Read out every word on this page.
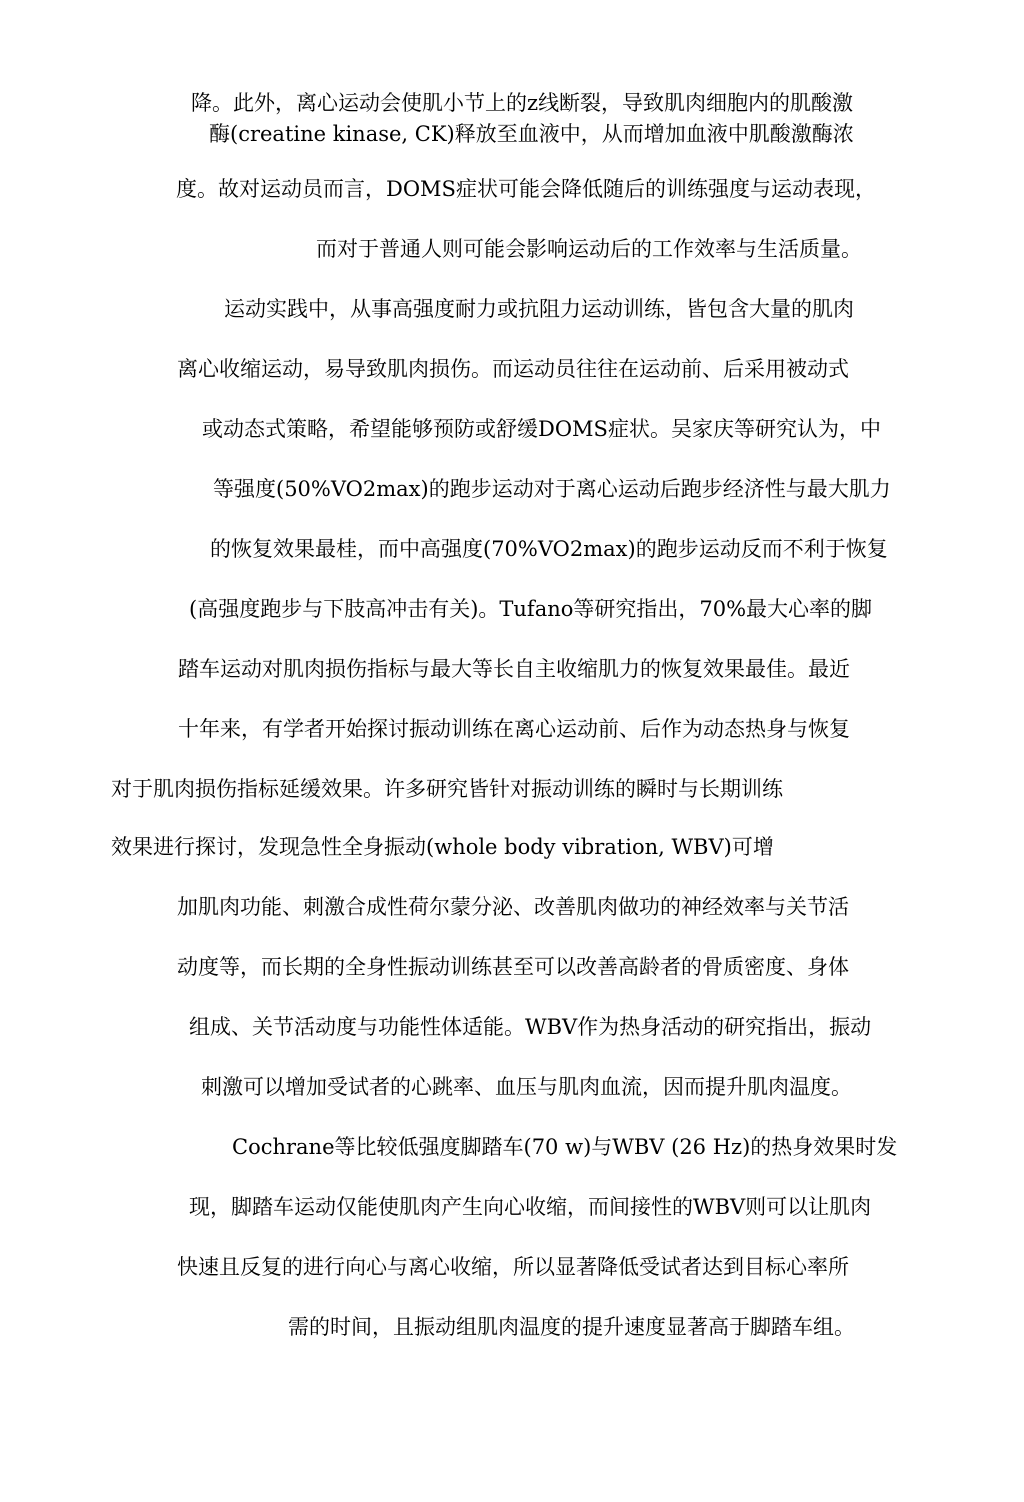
降。此外，离心运动会使肌小节上的z线断裂，导致肌肉细胞内的肌酸激
酶(creatine kinase, CK)释放至血液中，从而增加血液中肌酸激酶浓
度。故对运动员而言，DOMS症状可能会降低随后的训练强度与运动表现，
而对于普通人则可能会影响运动后的工作效率与生活质量。
运动实践中，从事高强度耐力或抗阻力运动训练，皆包含大量的肌肉
离心收缩运动，易导致肌肉损伤。而运动员往往在运动前、后采用被动式
或动态式策略，希望能够预防或舒缓DOMS症状。吴家庆等研究认为，中
等强度(50%VO2max)的跑步运动对于离心运动后跑步经济性与最大肌力
的恢复效果最桂，而中高强度(70%VO2max)的跑步运动反而不利于恢复
(高强度跑步与下肢高冲击有关)。Tufano等研究指出，70%最大心率的脚
踏车运动对肌肉损伤指标与最大等长自主收缩肌力的恢复效果最佳。最近
十年来，有学者开始探讨振动训练在离心运动前、后作为动态热身与恢复
对于肌肉损伤指标延缓效果。许多研究皆针对振动训练的瞬时与长期训练
效果进行探讨，发现急性全身振动(whole body vibration, WBV)可增
加肌肉功能、刺激合成性荷尔蒙分泌、改善肌肉做功的神经效率与关节活
动度等，而长期的全身性振动训练甚至可以改善高龄者的骨质密度、身体
组成、关节活动度与功能性体适能。WBV作为热身活动的研究指出，振动
刺激可以增加受试者的心跳率、血压与肌肉血流，因而提升肌肉温度。
Cochrane等比较低强度脚踏车(70 w)与WBV (26 Hz)的热身效果时发
现，脚踏车运动仅能使肌肉产生向心收缩，而间接性的WBV则可以让肌肉
快速且反复的进行向心与离心收缩，所以显著降低受试者达到目标心率所
需的时间，且振动组肌肉温度的提升速度显著高于脚踏车组。
